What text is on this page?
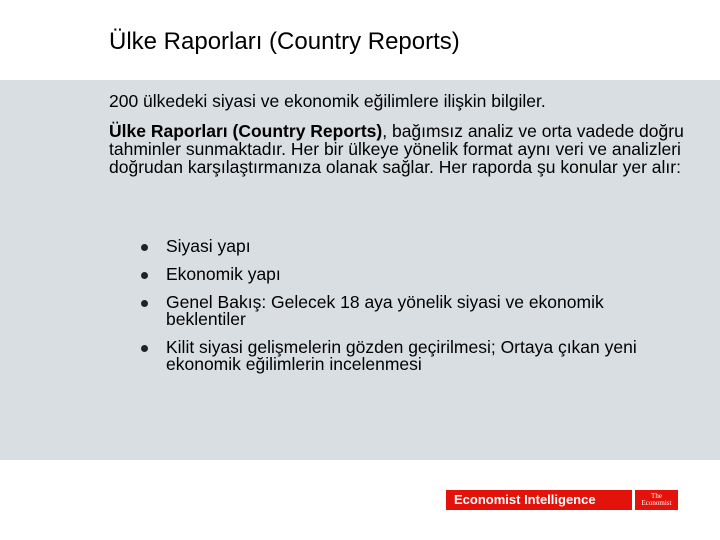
Ülke Raporları (Country Reports)
200 ülkedeki siyasi ve ekonomik eğilimlere ilişkin bilgiler.
Ülke Raporları (Country Reports), bağımsız analiz ve orta vadede doğru tahminler sunmaktadır. Her bir ülkeye yönelik format aynı veri ve analizleri doğrudan karşılaştırmanıza olanak sağlar. Her raporda şu konular yer alır:
Siyasi yapı
Ekonomik yapı
Genel Bakış: Gelecek 18 aya yönelik siyasi ve ekonomik beklentiler
Kilit siyasi gelişmelerin gözden geçirilmesi; Ortaya çıkan yeni ekonomik eğilimlerin incelenmesi
Economist Intelligence Unit
The
Economist
